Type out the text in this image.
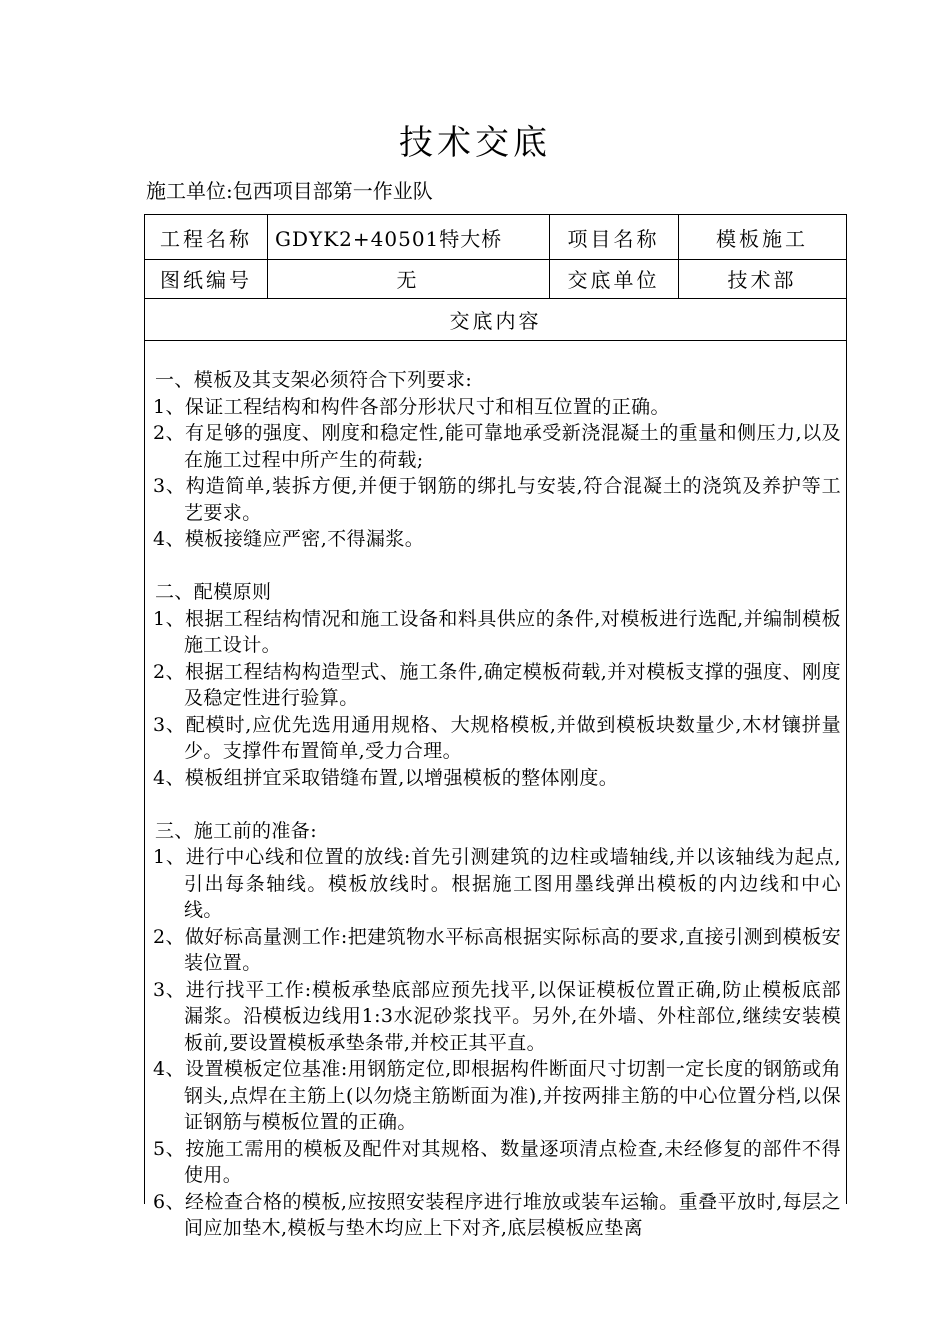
技术交底
施工单位:包西项目部第一作业队
工程名称	GDYK2+40501特大桥	项目名称	模板施工
图纸编号	无	交底单位	技术部
交底内容

一、模板及其支架必须符合下列要求:

1、保证工程结构和构件各部分形状尺寸和相互位置的正确。

2、有足够的强度、刚度和稳定性,能可靠地承受新浇混凝土的重量和侧压力,以及在施工过程中所产生的荷载;

3、构造简单,装拆方便,并便于钢筋的绑扎与安装,符合混凝土的浇筑及养护等工艺要求。

4、模板接缝应严密,不得漏浆。

二、配模原则

1、根据工程结构情况和施工设备和料具供应的条件,对模板进行选配,并编制模板施工设计。

2、根据工程结构构造型式、施工条件,确定模板荷载,并对模板支撑的强度、刚度及稳定性进行验算。

3、配模时,应优先选用通用规格、大规格模板,并做到模板块数量少,木材镶拼量少。支撑件布置简单,受力合理。

4、模板组拼宜采取错缝布置,以增强模板的整体刚度。

三、施工前的准备:

1、进行中心线和位置的放线:首先引测建筑的边柱或墙轴线,并以该轴线为起点,引出每条轴线。模板放线时。根据施工图用墨线弹出模板的内边线和中心线。

2、做好标高量测工作:把建筑物水平标高根据实际标高的要求,直接引测到模板安装位置。

3、进行找平工作:模板承垫底部应预先找平,以保证模板位置正确,防止模板底部漏浆。沿模板边线用1:3水泥砂浆找平。另外,在外墙、外柱部位,继续安装模板前,要设置模板承垫条带,并校正其平直。

4、设置模板定位基准:用钢筋定位,即根据构件断面尺寸切割一定长度的钢筋或角钢头,点焊在主筋上(以勿烧主筋断面为准),并按两排主筋的中心位置分档,以保证钢筋与模板位置的正确。

5、按施工需用的模板及配件对其规格、数量逐项清点检查,未经修复的部件不得使用。

6、经检查合格的模板,应按照安装程序进行堆放或装车运输。重叠平放时,每层之间应加垫木,模板与垫木均应上下对齐,底层模板应垫离
